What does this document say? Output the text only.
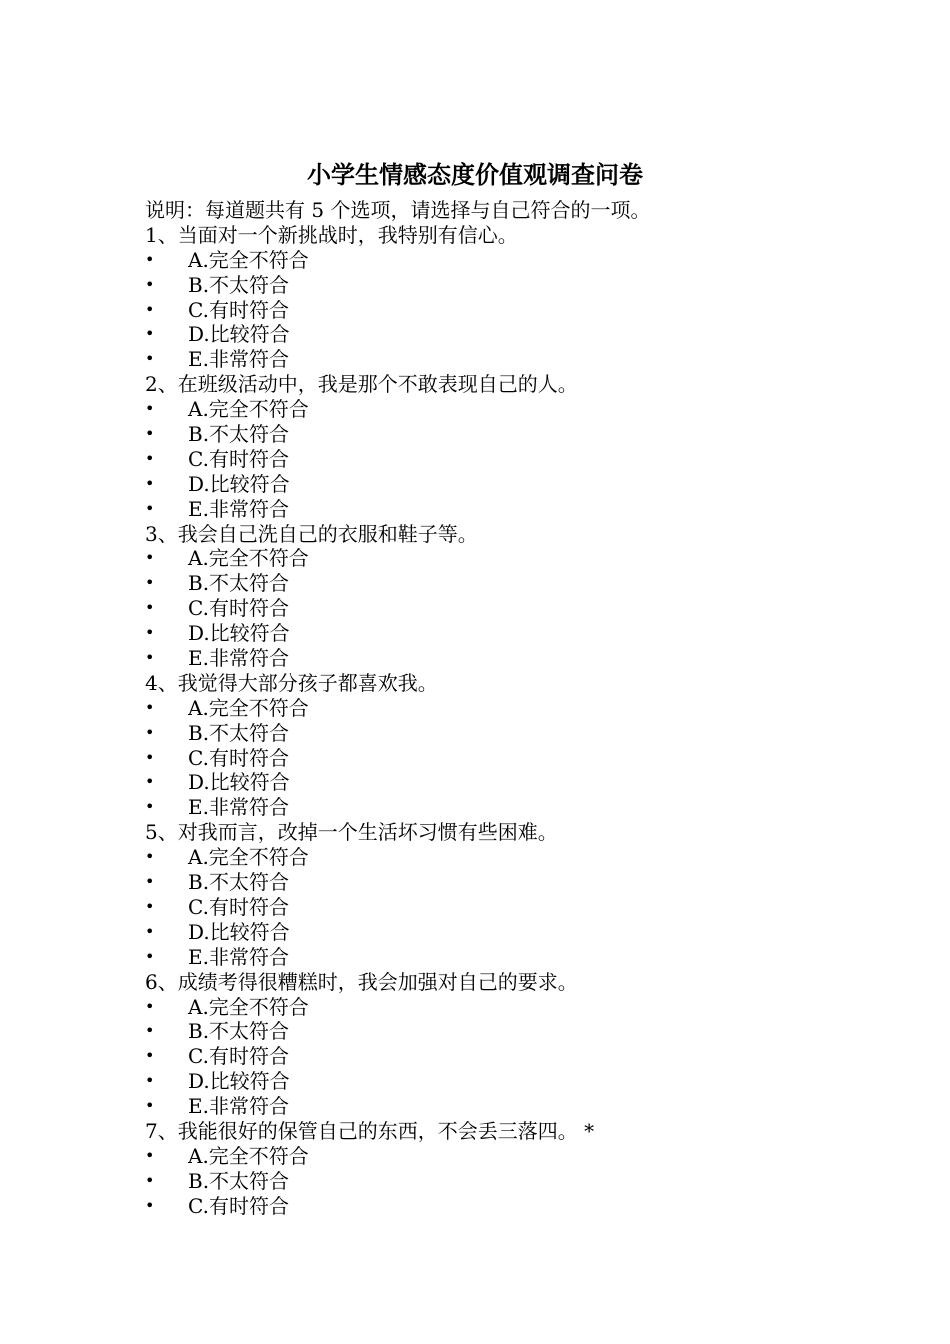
小学生情感态度价值观调查问卷
说明：每道题共有 5 个选项，请选择与自己符合的一项。
1、当面对一个新挑战时，我特别有信心。
•	A.完全不符合
•	B.不太符合
•	C.有时符合
•	D.比较符合
•	E.非常符合
2、在班级活动中，我是那个不敢表现自己的人。
•	A.完全不符合
•	B.不太符合
•	C.有时符合
•	D.比较符合
•	E.非常符合
3、我会自己洗自己的衣服和鞋子等。
•	A.完全不符合
•	B.不太符合
•	C.有时符合
•	D.比较符合
•	E.非常符合
4、我觉得大部分孩子都喜欢我。
•	A.完全不符合
•	B.不太符合
•	C.有时符合
•	D.比较符合
•	E.非常符合
5、对我而言，改掉一个生活坏习惯有些困难。
•	A.完全不符合
•	B.不太符合
•	C.有时符合
•	D.比较符合
•	E.非常符合
6、成绩考得很糟糕时，我会加强对自己的要求。
•	A.完全不符合
•	B.不太符合
•	C.有时符合
•	D.比较符合
•	E.非常符合
7、我能很好的保管自己的东西，不会丢三落四。 *
•	A.完全不符合
•	B.不太符合
•	C.有时符合
